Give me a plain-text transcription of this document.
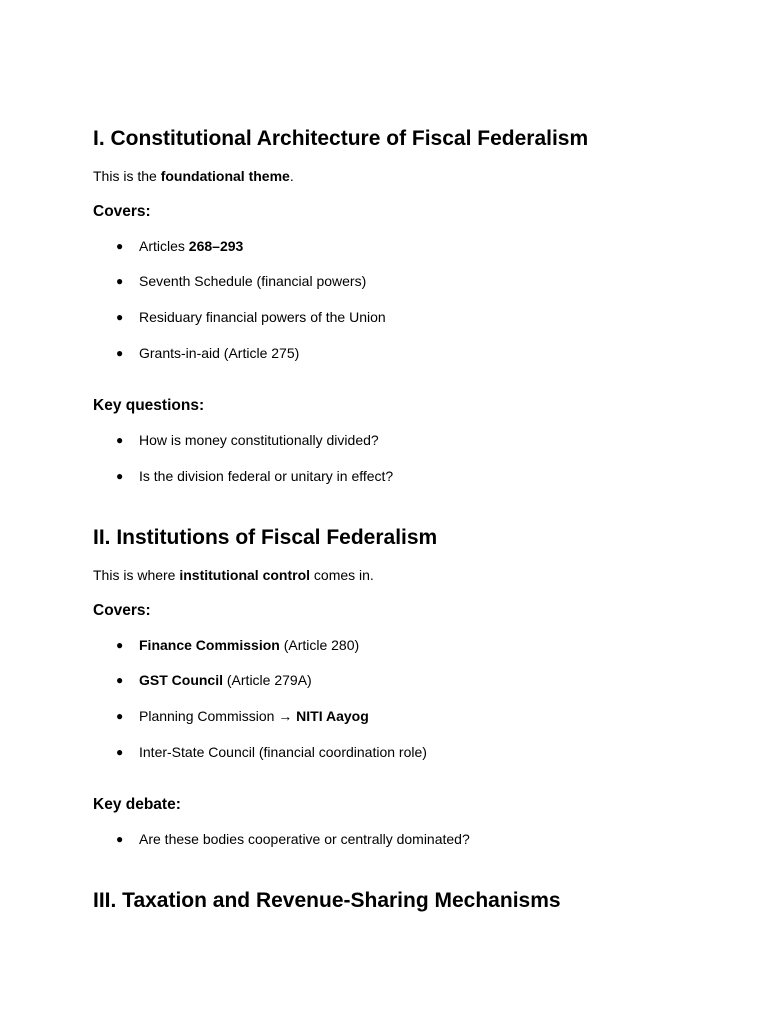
I. Constitutional Architecture of Fiscal Federalism

This is the foundational theme.

Covers:
● Articles 268–293
● Seventh Schedule (financial powers)
● Residuary financial powers of the Union
● Grants-in-aid (Article 275)
Key questions:
● How is money constitutionally divided?
● Is the division federal or unitary in effect?
II. Institutions of Fiscal Federalism

This is where institutional control comes in.

Covers:
● Finance Commission (Article 280)
● GST Council (Article 279A)
● Planning Commission → NITI Aayog
● Inter-State Council (financial coordination role)
Key debate:
● Are these bodies cooperative or centrally dominated?
III. Taxation and Revenue-Sharing Mechanisms
